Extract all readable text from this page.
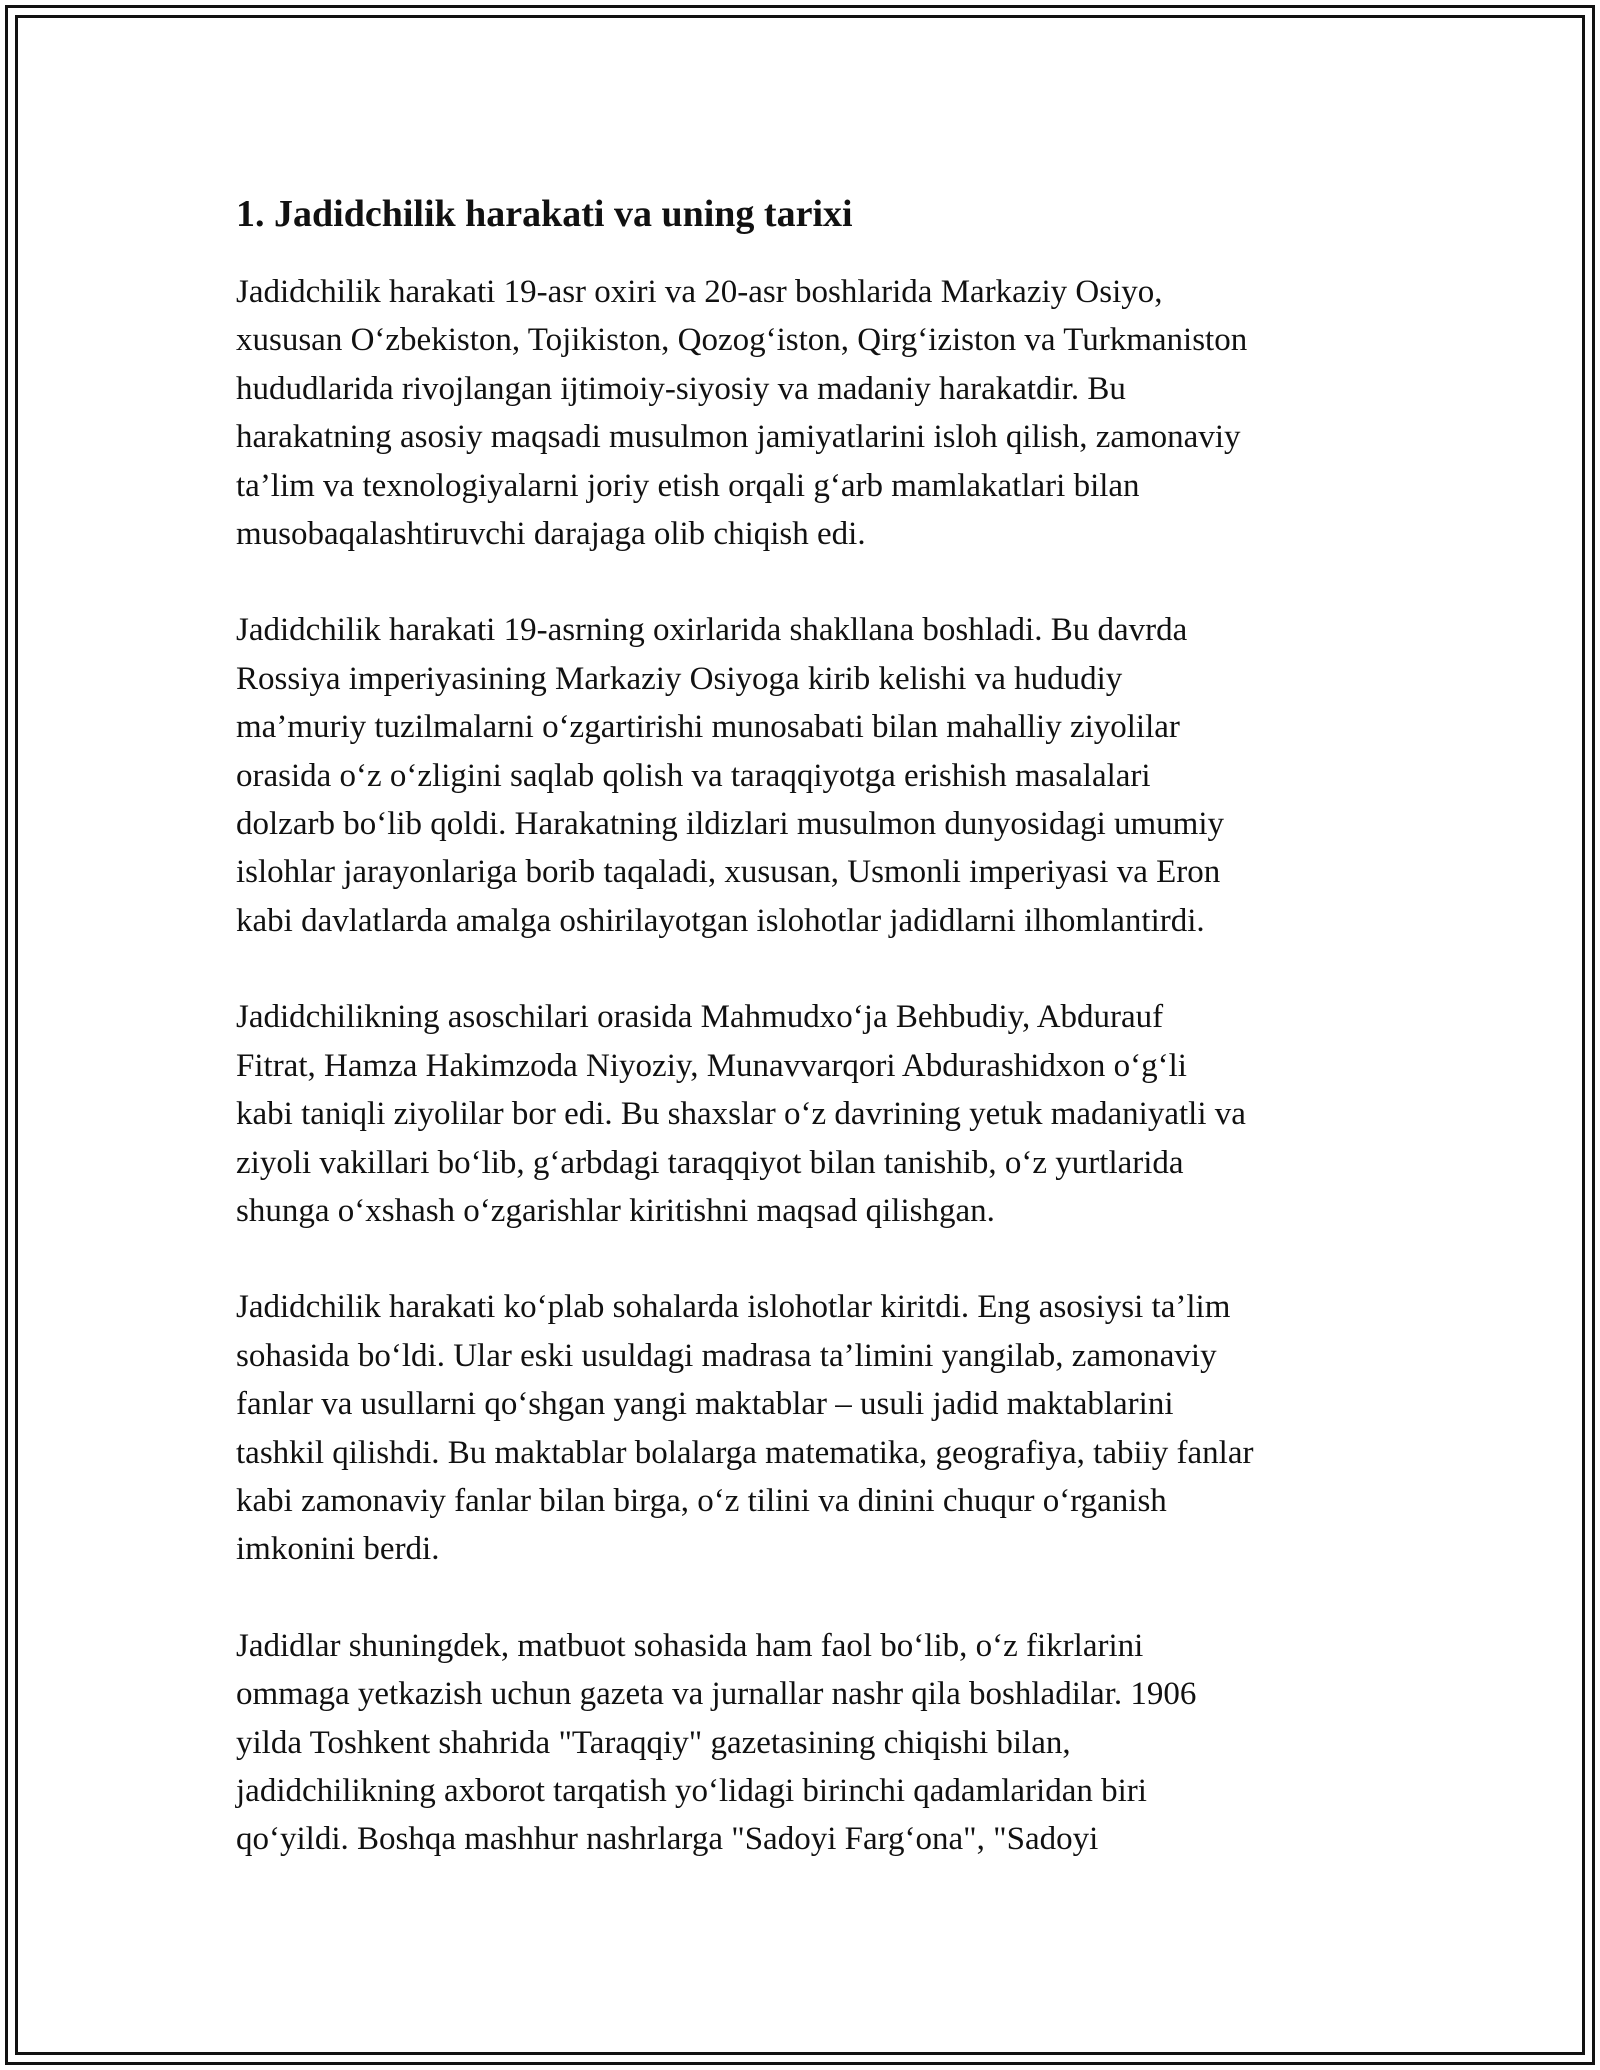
1. Jadidchilik harakati va uning tarixi

Jadidchilik harakati 19-asr oxiri va 20-asr boshlarida Markaziy Osiyo,
xususan O‘zbekiston, Tojikiston, Qozog‘iston, Qirg‘iziston va Turkmaniston
hududlarida rivojlangan ijtimoiy-siyosiy va madaniy harakatdir. Bu
harakatning asosiy maqsadi musulmon jamiyatlarini isloh qilish, zamonaviy
ta’lim va texnologiyalarni joriy etish orqali g‘arb mamlakatlari bilan
musobaqalashtiruvchi darajaga olib chiqish edi.

Jadidchilik harakati 19-asrning oxirlarida shakllana boshladi. Bu davrda
Rossiya imperiyasining Markaziy Osiyoga kirib kelishi va hududiy
ma’muriy tuzilmalarni o‘zgartirishi munosabati bilan mahalliy ziyolilar
orasida o‘z o‘zligini saqlab qolish va taraqqiyotga erishish masalalari
dolzarb bo‘lib qoldi. Harakatning ildizlari musulmon dunyosidagi umumiy
islohlar jarayonlariga borib taqaladi, xususan, Usmonli imperiyasi va Eron
kabi davlatlarda amalga oshirilayotgan islohotlar jadidlarni ilhomlantirdi.

Jadidchilikning asoschilari orasida Mahmudxo‘ja Behbudiy, Abdurauf
Fitrat, Hamza Hakimzoda Niyoziy, Munavvarqori Abdurashidxon o‘g‘li
kabi taniqli ziyolilar bor edi. Bu shaxslar o‘z davrining yetuk madaniyatli va
ziyoli vakillari bo‘lib, g‘arbdagi taraqqiyot bilan tanishib, o‘z yurtlarida
shunga o‘xshash o‘zgarishlar kiritishni maqsad qilishgan.

Jadidchilik harakati ko‘plab sohalarda islohotlar kiritdi. Eng asosiysi ta’lim
sohasida bo‘ldi. Ular eski usuldagi madrasa ta’limini yangilab, zamonaviy
fanlar va usullarni qo‘shgan yangi maktablar – usuli jadid maktablarini
tashkil qilishdi. Bu maktablar bolalarga matematika, geografiya, tabiiy fanlar
kabi zamonaviy fanlar bilan birga, o‘z tilini va dinini chuqur o‘rganish
imkonini berdi.

Jadidlar shuningdek, matbuot sohasida ham faol bo‘lib, o‘z fikrlarini
ommaga yetkazish uchun gazeta va jurnallar nashr qila boshladilar. 1906
yilda Toshkent shahrida "Taraqqiy" gazetasining chiqishi bilan,
jadidchilikning axborot tarqatish yo‘lidagi birinchi qadamlaridan biri
qo‘yildi. Boshqa mashhur nashrlarga "Sadoyi Farg‘ona", "Sadoyi
